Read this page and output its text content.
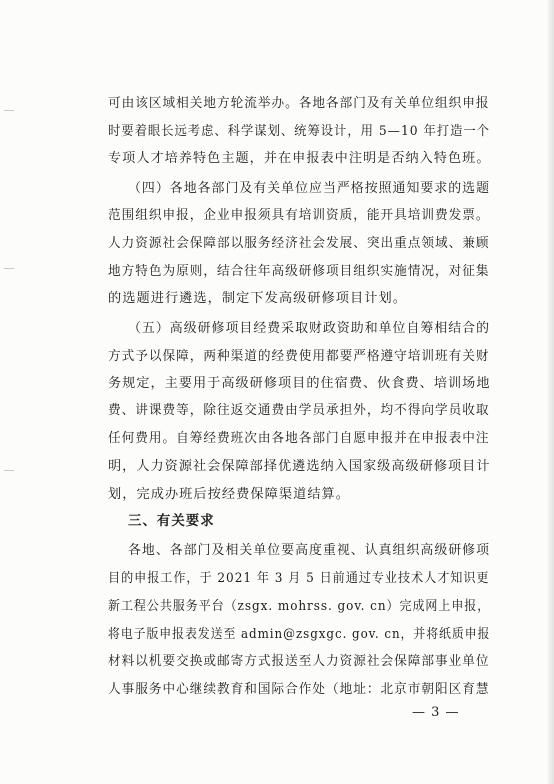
可由该区域相关地方轮流举办。各地各部门及有关单位组织申报
时要着眼长远考虑、科学谋划、统筹设计，用 5—10 年打造一个
专项人才培养特色主题，并在申报表中注明是否纳入特色班。
（四）各地各部门及有关单位应当严格按照通知要求的选题
范围组织申报，企业申报须具有培训资质，能开具培训费发票。
人力资源社会保障部以服务经济社会发展、突出重点领域、兼顾
地方特色为原则，结合往年高级研修项目组织实施情况，对征集
的选题进行遴选，制定下发高级研修项目计划。
（五）高级研修项目经费采取财政资助和单位自筹相结合的
方式予以保障，两种渠道的经费使用都要严格遵守培训班有关财
务规定，主要用于高级研修项目的住宿费、伙食费、培训场地
费、讲课费等，除往返交通费由学员承担外，均不得向学员收取
任何费用。自筹经费班次由各地各部门自愿申报并在申报表中注
明，人力资源社会保障部择优遴选纳入国家级高级研修项目计
划，完成办班后按经费保障渠道结算。
三、有关要求
各地、各部门及相关单位要高度重视、认真组织高级研修项
目的申报工作，于 2021 年 3 月 5 日前通过专业技术人才知识更
新工程公共服务平台（zsgx. mohrss. gov. cn）完成网上申报，
将电子版申报表发送至 admin@zsgxgc. gov. cn，并将纸质申报
材料以机要交换或邮寄方式报送至人力资源社会保障部事业单位
人事服务中心继续教育和国际合作处（地址：北京市朝阳区育慧
— 3 —
